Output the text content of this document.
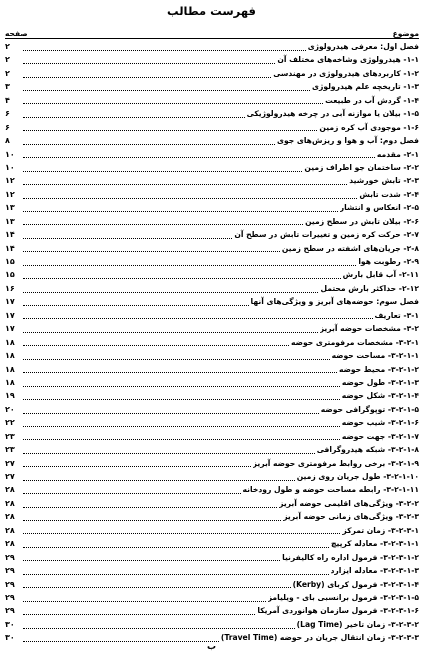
فهرست مطالب
موضوع
صفحه
فصل اول: معرفی هیدرولوژی
۲
۱-۱- هیدرولوژی وشاخه‌های مختلف آن
۲
۱-۲- کاربردهای هیدرولوژی در مهندسی
۲
۱-۳- تاریخچه علم هیدرولوژی
۳
۱-۴- گردش آب در طبیعت
۴
۱-۵- بیلان یا موازنه آبی در چرخه هیدرولوژیکی
۶
۱-۶- موجودی آب کره زمین
۶
فصل دوم: آب و هوا و ریزش‌های جوی
۸
۲-۱- مقدمه
۱۰
۲-۲- ساختمان جو اطراف زمین
۱۰
۲-۳- تابش خورشید
۱۲
۲-۴- شدت تابش
۱۲
۲-۵- انعکاس و انتشار
۱۳
۲-۶- بیلان تابش در سطح زمین
۱۳
۲-۷- حرکت کره زمین و تغییرات تابش در سطح آن
۱۴
۲-۸- جریان‌های اشفته در سطح زمین
۱۴
۲-۹- رطوبت هوا
۱۵
۲-۱۱- آب قابل بارش
۱۵
۲-۱۲- حداکثر بارش محتمل
۱۶
فصل سوم: حوضه‌های آبریز و ویژگی‌های آنها
۱۷
۳-۱- تعاریف
۱۷
۳-۲- مشخصات حوضه آبریز
۱۷
۳-۲-۱- مشخصات مرفومتری حوضه
۱۸
۳-۲-۱-۱- مساحت حوضه
۱۸
۳-۲-۱-۲- محیط حوضه
۱۸
۳-۲-۱-۳- طول حوضه
۱۸
۳-۲-۱-۴- شکل حوضه
۱۹
۳-۲-۱-۵- توپوگرافی حوضه
۲۰
۳-۲-۱-۶- شیب حوضه
۲۲
۳-۲-۱-۷- جهت حوضه
۲۳
۳-۲-۱-۸- شبکه هیدروگرافی
۲۳
۳-۲-۱-۹- برخی روابط مرفومتری حوضه آبریز
۲۷
۳-۲-۱-۱۰- طول جریان روی زمین
۲۷
۳-۲-۱-۱۱- رابطه مساحت حوضه و طول رودخانه
۲۸
۳-۲-۲- ویژگی‌های اقلیمی حوضه آبریز
۲۸
۳-۲-۳- ویژگی‌های زمانی حوضه آبریز
۲۸
۳-۲-۳-۱- زمان تمرکز
۲۸
۳-۲-۳-۱-۱- معادله کرپیچ
۲۸
۳-۲-۳-۱-۲- فرمول اداره راه کالیفرنیا
۲۹
۳-۲-۳-۱-۳- معادله ایزارد
۲۹
۳-۲-۳-۱-۴- فرمول کربای (Kerby)
۲۹
۳-۲-۳-۱-۵- فرمول برانسبی بای - ویلیامز
۲۹
۳-۲-۳-۱-۶- فرمول سازمان هوانوردی آمریکا
۲۹
۳-۲-۳-۲- زمان تاخیر (Lag Time)
۳۰
۳-۲-۳-۳- زمان انتقال جریان در حوضه (Travel Time)
۳۰
ب
